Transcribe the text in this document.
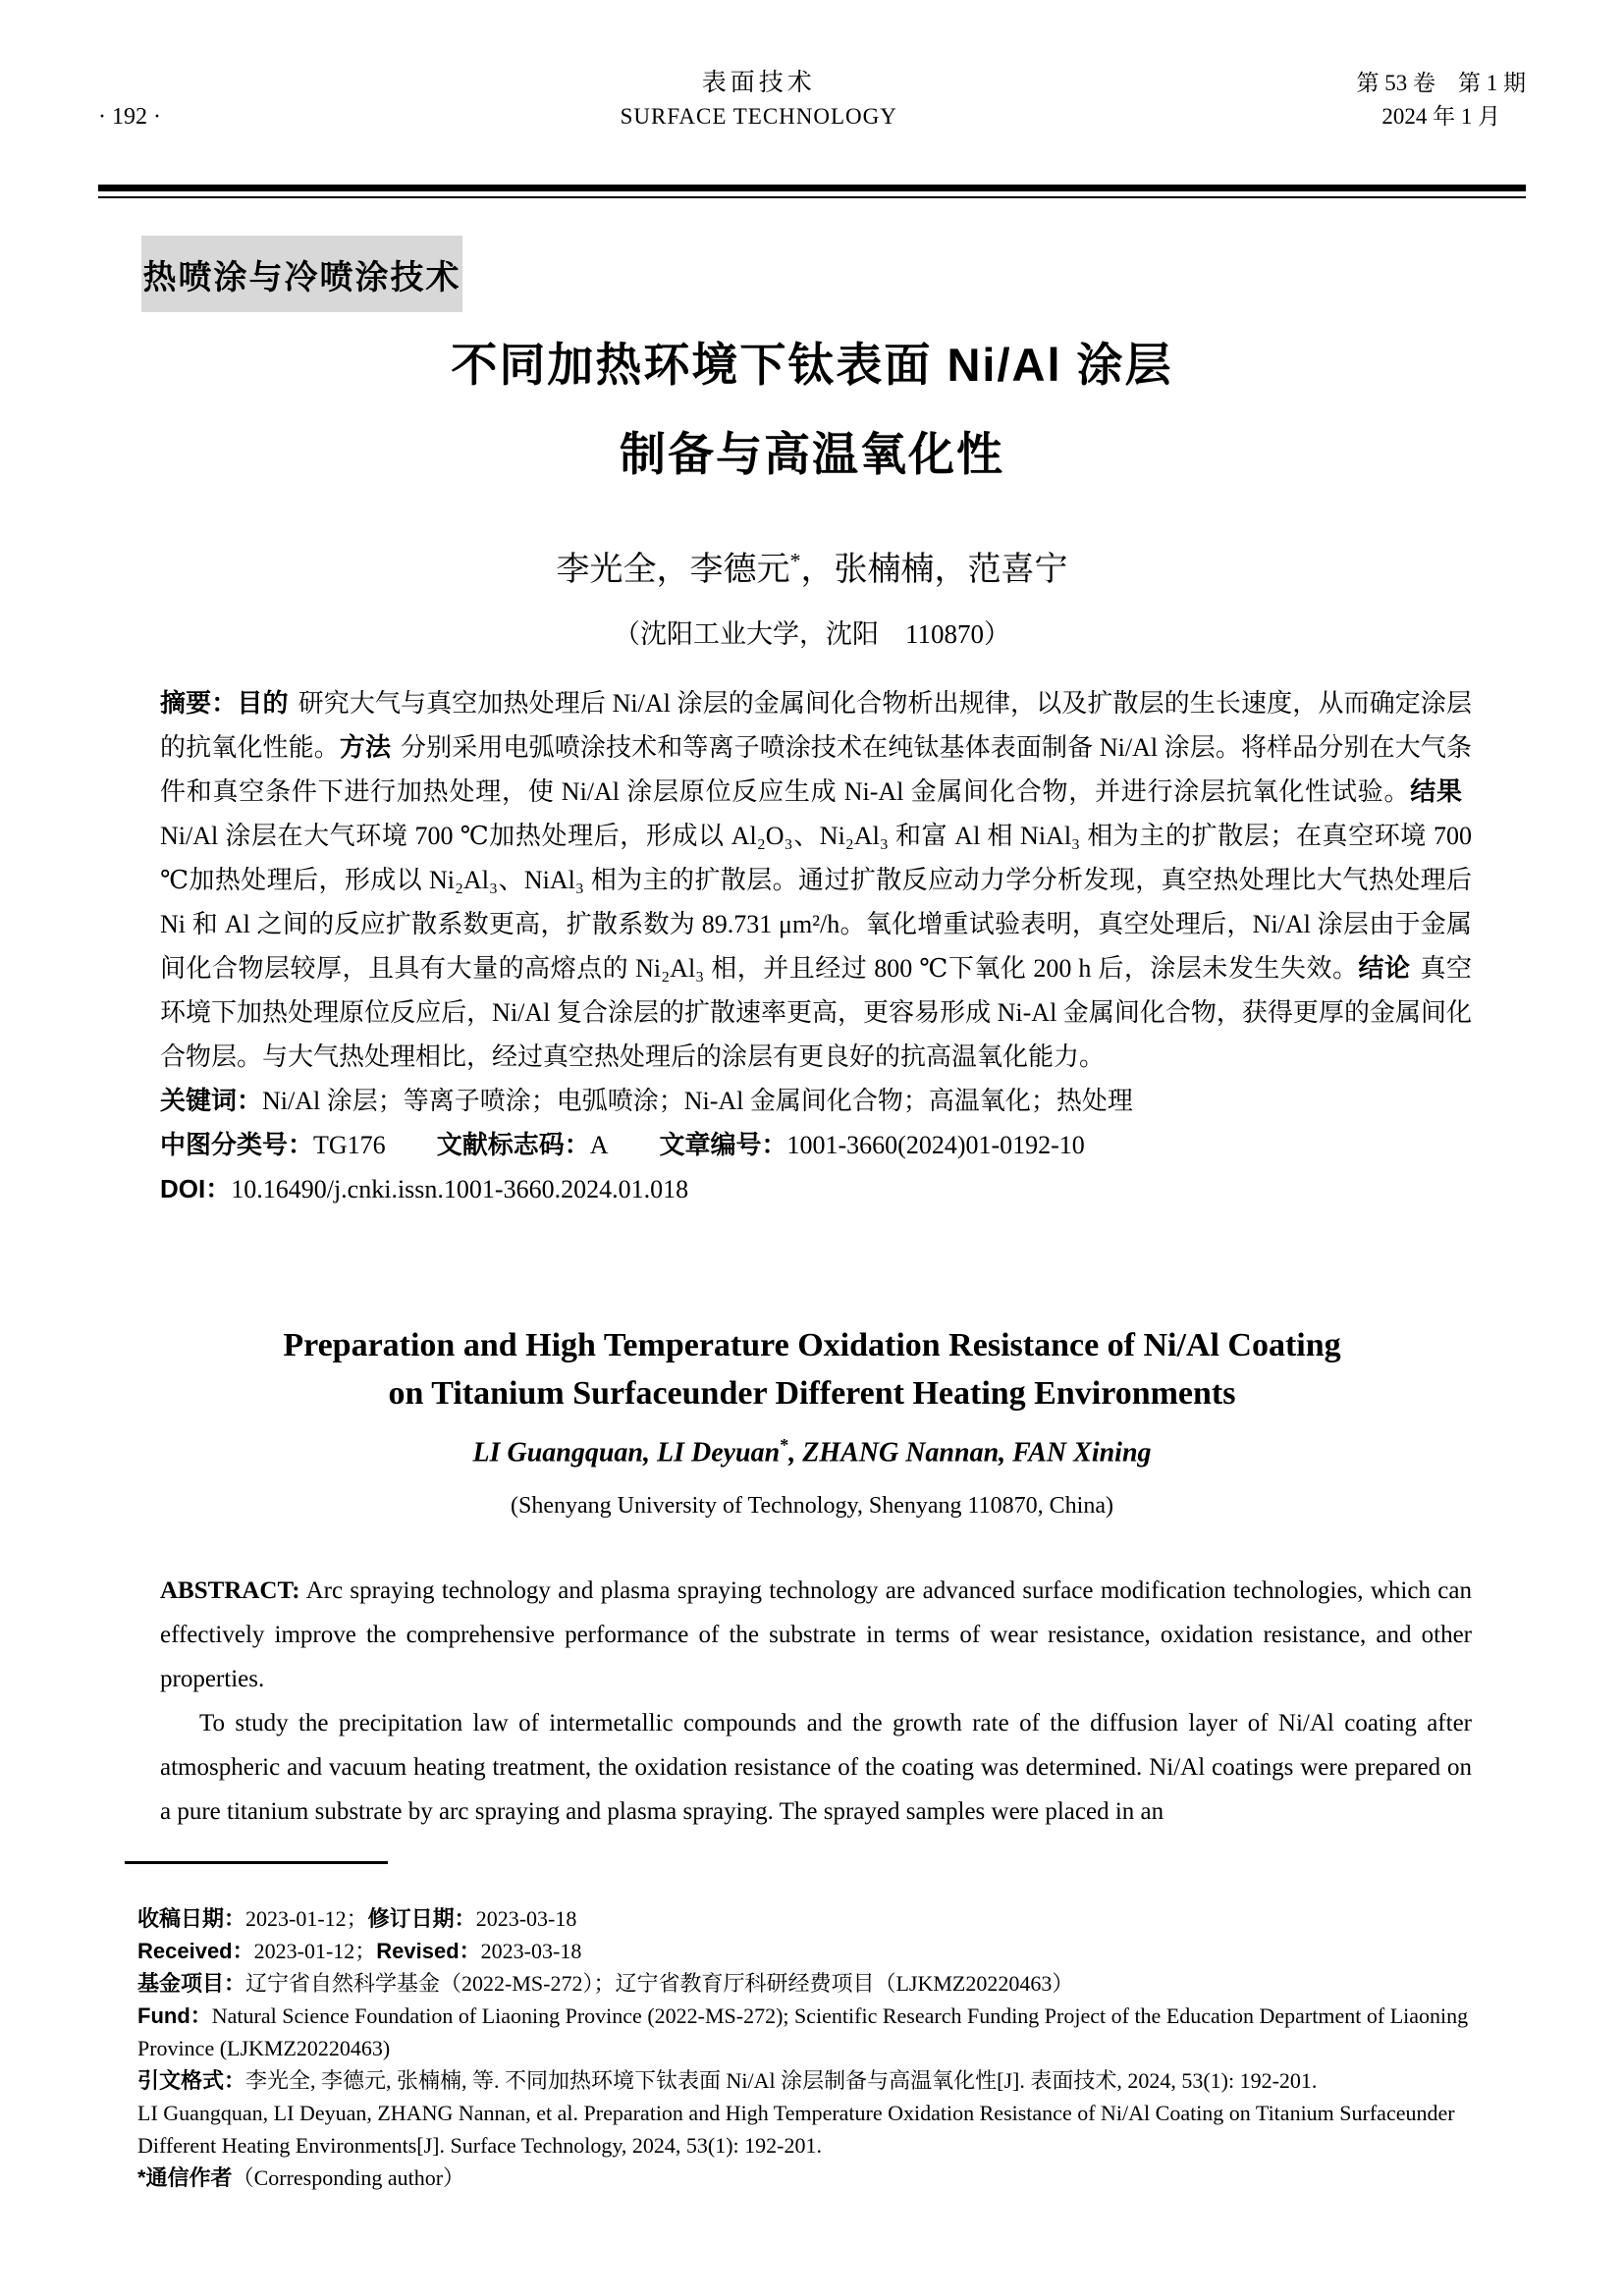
· 192 ·
表面技术
SURFACE TECHNOLOGY
第 53 卷　第 1 期
2024 年 1 月
热喷涂与冷喷涂技术
不同加热环境下钛表面 Ni/Al 涂层
制备与高温氧化性
李光全，李德元*，张楠楠，范喜宁
（沈阳工业大学，沈阳　110870）

摘要：目的 研究大气与真空加热处理后 Ni/Al 涂层的金属间化合物析出规律，以及扩散层的生长速度，从而确定涂层的抗氧化性能。方法 分别采用电弧喷涂技术和等离子喷涂技术在纯钛基体表面制备 Ni/Al 涂层。将样品分别在大气条件和真空条件下进行加热处理，使 Ni/Al 涂层原位反应生成 Ni-Al 金属间化合物，并进行涂层抗氧化性试验。结果Ni/Al 涂层在大气环境 700 ℃加热处理后，形成以 Al₂O₃、Ni₂Al₃ 和富 Al 相 NiAl₃ 相为主的扩散层；在真空环境 700 ℃加热处理后，形成以 Ni₂Al₃、NiAl₃ 相为主的扩散层。通过扩散反应动力学分析发现，真空热处理比大气热处理后 Ni 和 Al 之间的反应扩散系数更高，扩散系数为 89.731 μm²/h。氧化增重试验表明，真空处理后，Ni/Al 涂层由于金属间化合物层较厚，且具有大量的高熔点的 Ni₂Al₃ 相，并且经过 800 ℃下氧化 200 h 后，涂层未发生失效。结论 真空环境下加热处理原位反应后，Ni/Al 复合涂层的扩散速率更高，更容易形成 Ni-Al 金属间化合物，获得更厚的金属间化合物层。与大气热处理相比，经过真空热处理后的涂层有更良好的抗高温氧化能力。

关键词：Ni/Al 涂层；等离子喷涂；电弧喷涂；Ni-Al 金属间化合物；高温氧化；热处理

中图分类号：TG176 文献标志码：A 文章编号：1001-3660(2024)01-0192-10

DOI：10.16490/j.cnki.issn.1001-3660.2024.01.018

Preparation and High Temperature Oxidation Resistance of Ni/Al Coating
on Titanium Surfaceunder Different Heating Environments
LI Guangquan, LI Deyuan*, ZHANG Nannan, FAN Xining
(Shenyang University of Technology, Shenyang 110870, China)

ABSTRACT: Arc spraying technology and plasma spraying technology are advanced surface modification technologies, which can effectively improve the comprehensive performance of the substrate in terms of wear resistance, oxidation resistance, and other properties.

To study the precipitation law of intermetallic compounds and the growth rate of the diffusion layer of Ni/Al coating after atmospheric and vacuum heating treatment, the oxidation resistance of the coating was determined. Ni/Al coatings were prepared on a pure titanium substrate by arc spraying and plasma spraying. The sprayed samples were placed in an

收稿日期：2023-01-12；修订日期：2023-03-18

Received：2023-01-12；Revised：2023-03-18

基金项目：辽宁省自然科学基金（2022-MS-272）；辽宁省教育厅科研经费项目（LJKMZ20220463）

Fund：Natural Science Foundation of Liaoning Province (2022-MS-272); Scientific Research Funding Project of the Education Department of Liaoning Province (LJKMZ20220463)

引文格式：李光全, 李德元, 张楠楠, 等. 不同加热环境下钛表面 Ni/Al 涂层制备与高温氧化性[J]. 表面技术, 2024, 53(1): 192-201.

LI Guangquan, LI Deyuan, ZHANG Nannan, et al. Preparation and High Temperature Oxidation Resistance of Ni/Al Coating on Titanium Surfaceunder Different Heating Environments[J]. Surface Technology, 2024, 53(1): 192-201.

*通信作者（Corresponding author）
